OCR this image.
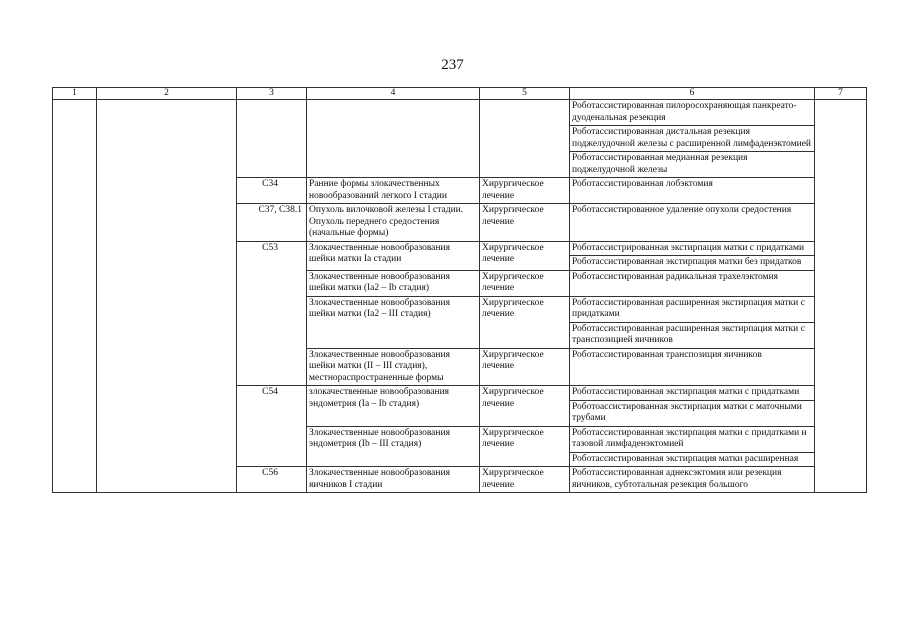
237
1	2	3	4	5	6	7
					Роботассистированная пилоросохраняющая панкреато-дуоденальная резекция	
					Роботассистированная дистальная резекция поджелудочной железы с расширенной лимфаденэктомией	
					Роботассистированная медианная резекция поджелудочной железы	
		C34	Ранние формы злокачественных новообразований легкого I стадии	Хирургическое лечение	Роботассистированная лобэктомия	
		C37, C38.1	Опухоль вилочковой железы I стадии. Опухоль переднего средостения (начальные формы)	Хирургическое лечение	Роботассистированное удаление опухоли средостения	
		C53	Злокачественные новообразования шейки матки Ia стадии	Хирургическое лечение	Роботассистрированная экстирпация матки с придатками	
					Роботассистированная экстирпация матки без придатков	
			Злокачественные новообразования шейки матки (Ia2 – Ib стадия)	Хирургическое лечение	Роботассистированная радикальная трахелэктомия	
			Злокачественные новообразования шейки матки (Ia2 – III стадия)	Хирургическое лечение	Роботассистированная расширенная экстирпация матки с придатками	
					Роботассистированная расширенная экстирпация матки с транспозицией яичников	
			Злокачественные новообразования шейки матки (II – III стадия), местнораспространенные формы	Хирургическое лечение	Роботассистированная транспозиция яичников	
		C54	злокачественные новообразования эндометрия (Ia – Ib стадия)	Хирургическое лечение	Роботассистированная экстирпация матки с придатками	
					Роботоассистированная экстирпация матки с маточными трубами	
			Злокачественные новообразования эндометрия (Ib – III стадия)	Хирургическое лечение	Роботассистированная экстирпация матки с придатками и тазовой лимфаденэктомией	
					Роботассистированная экстирпация матки расширенная	
		C56	Злокачественные новообразования яичников I стадии	Хирургическое лечение	Роботассистированная аднексэктомия или резекция яичников, субтотальная резекция большого	
